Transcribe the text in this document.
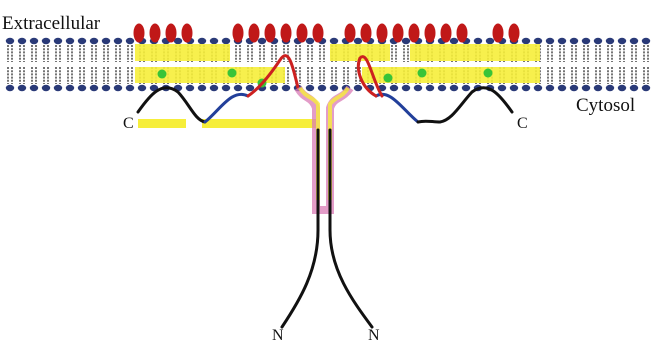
Extracellular
Cytosol
C	C
N	N
